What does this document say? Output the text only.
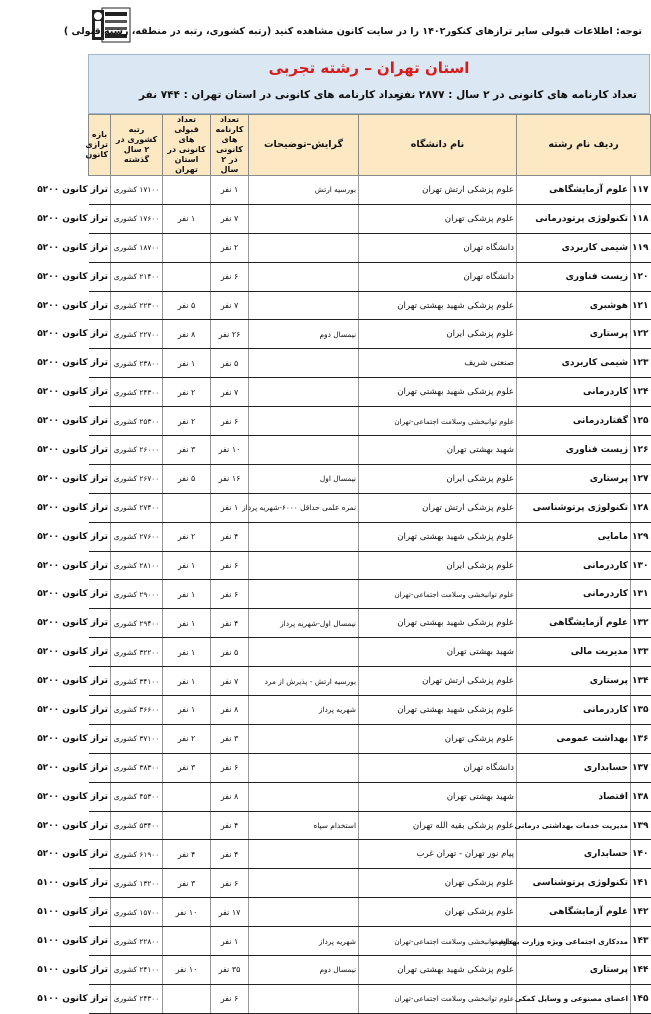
توجه: اطلاعات قبولی سایر ترازهای کنکور۱۴۰۲ را در سایت کانون مشاهده کنید (رتبه کشوری، رتبه در منطقه، رشته قبولی )
استان تهران – رشته تجربی
تعداد کارنامه های کانونی در ۲ سال : ۲۸۷۷ نفر
تعداد کارنامه های کانونی در استان تهران : ۷۴۴ نفر
ردیف نام رشته		نام دانشگاه	گرایش–توضیحات	تعداد کارنامه های کانونی در ۲ سال	تعداد قبولی های کانونی در استان تهران	رتبه کشوری در ۲ سال گذشته	بازه ترازی کانون
۱۱۷	علوم آزمایشگاهی	علوم پزشکی ارتش تهران	بورسیه ارتش	۱ نفر		۱۷۱۰۰ کشوری	تراز کانون ۵۲۰۰
۱۱۸	تکنولوژی پرتودرمانی	علوم پزشکی تهران		۷ نفر	۱ نفر	۱۷۶۰۰ کشوری	تراز کانون ۵۲۰۰
۱۱۹	شیمی کاربردی	دانشگاه تهران		۲ نفر		۱۸۷۰۰ کشوری	تراز کانون ۵۲۰۰
۱۲۰	زیست فناوری	دانشگاه تهران		۶ نفر		۲۱۴۰۰ کشوری	تراز کانون ۵۲۰۰
۱۲۱	هوشبری	علوم پزشکی شهید بهشتی تهران		۷ نفر	۵ نفر	۲۲۳۰۰ کشوری	تراز کانون ۵۲۰۰
۱۲۲	پرستاری	علوم پزشکی ایران	نیمسال دوم	۲۶ نفر	۸ نفر	۲۲۷۰۰ کشوری	تراز کانون ۵۲۰۰
۱۲۳	شیمی کاربردی	صنعتی شریف		۵ نفر	۱ نفر	۲۳۸۰۰ کشوری	تراز کانون ۵۲۰۰
۱۲۴	کاردرمانی	علوم پزشکی شهید بهشتی تهران		۷ نفر	۲ نفر	۲۴۳۰۰ کشوری	تراز کانون ۵۲۰۰
۱۲۵	گفتاردرمانی	علوم توانبخشی وسلامت اجتماعی-تهران		۶ نفر	۲ نفر	۲۵۳۰۰ کشوری	تراز کانون ۵۲۰۰
۱۲۶	زیست فناوری	شهید بهشتی تهران		۱۰ نفر	۳ نفر	۲۶۰۰۰ کشوری	تراز کانون ۵۲۰۰
۱۲۷	پرستاری	علوم پزشکی ایران	نیمسال اول	۱۶ نفر	۵ نفر	۲۶۷۰۰ کشوری	تراز کانون ۵۲۰۰
۱۲۸	تکنولوژی پرتوشناسی	علوم پزشکی ارتش تهران	نمره علمی حداقل ۶۰۰۰-شهریه پرداز	۱ نفر		۲۷۴۰۰ کشوری	تراز کانون ۵۲۰۰
۱۲۹	مامایی	علوم پزشکی شهید بهشتی تهران		۴ نفر	۲ نفر	۲۷۶۰۰ کشوری	تراز کانون ۵۲۰۰
۱۳۰	کاردرمانی	علوم پزشکی ایران		۶ نفر	۱ نفر	۲۸۱۰۰ کشوری	تراز کانون ۵۲۰۰
۱۳۱	کاردرمانی	علوم توانبخشی وسلامت اجتماعی-تهران		۶ نفر	۱ نفر	۲۹۰۰۰ کشوری	تراز کانون ۵۲۰۰
۱۳۲	علوم آزمایشگاهی	علوم پزشکی شهید بهشتی تهران	نیمسال اول-شهریه پرداز	۴ نفر	۱ نفر	۲۹۴۰۰ کشوری	تراز کانون ۵۲۰۰
۱۳۳	مدیریت مالی	شهید بهشتی تهران		۵ نفر	۱ نفر	۳۲۲۰۰ کشوری	تراز کانون ۵۲۰۰
۱۳۴	پرستاری	علوم پزشکی ارتش تهران	بورسیه ارتش - پذیرش از مرد	۷ نفر	۱ نفر	۳۴۱۰۰ کشوری	تراز کانون ۵۲۰۰
۱۳۵	کاردرمانی	علوم پزشکی شهید بهشتی تهران	شهریه پرداز	۸ نفر	۱ نفر	۳۶۶۰۰ کشوری	تراز کانون ۵۲۰۰
۱۳۶	بهداشت عمومی	علوم پزشکی تهران		۳ نفر	۲ نفر	۳۷۱۰۰ کشوری	تراز کانون ۵۲۰۰
۱۳۷	حسابداری	دانشگاه تهران		۶ نفر	۳ نفر	۳۸۳۰۰ کشوری	تراز کانون ۵۲۰۰
۱۳۸	اقتصاد	شهید بهشتی تهران		۸ نفر		۴۵۳۰۰ کشوری	تراز کانون ۵۲۰۰
۱۳۹	مدیریت خدمات بهداشتی درمانی	علوم پزشکی بقیه الله تهران	استخدام سپاه	۴ نفر		۵۳۴۰۰ کشوری	تراز کانون ۵۲۰۰
۱۴۰	حسابداری	پیام نور تهران - تهران غرب		۴ نفر	۴ نفر	۶۱۹۰۰ کشوری	تراز کانون ۵۲۰۰
۱۴۱	تکنولوژی پرتوشناسی	علوم پزشکی تهران		۶ نفر	۳ نفر	۱۳۲۰۰ کشوری	تراز کانون ۵۱۰۰
۱۴۲	علوم آزمایشگاهی	علوم پزشکی تهران		۱۷ نفر	۱۰ نفر	۱۵۷۰۰ کشوری	تراز کانون ۵۱۰۰
۱۴۳	مددکاری اجتماعی ویژه وزارت بهداشت	علوم توانبخشی وسلامت اجتماعی-تهران	شهریه پرداز	۱ نفر		۲۲۸۰۰ کشوری	تراز کانون ۵۱۰۰
۱۴۴	پرستاری	علوم پزشکی شهید بهشتی تهران	نیمسال دوم	۳۵ نفر	۱۰ نفر	۲۴۱۰۰ کشوری	تراز کانون ۵۱۰۰
۱۴۵	اعضای مصنوعی و وسایل کمکی	علوم توانبخشی وسلامت اجتماعی-تهران		۶ نفر		۲۴۳۰۰ کشوری	تراز کانون ۵۱۰۰
